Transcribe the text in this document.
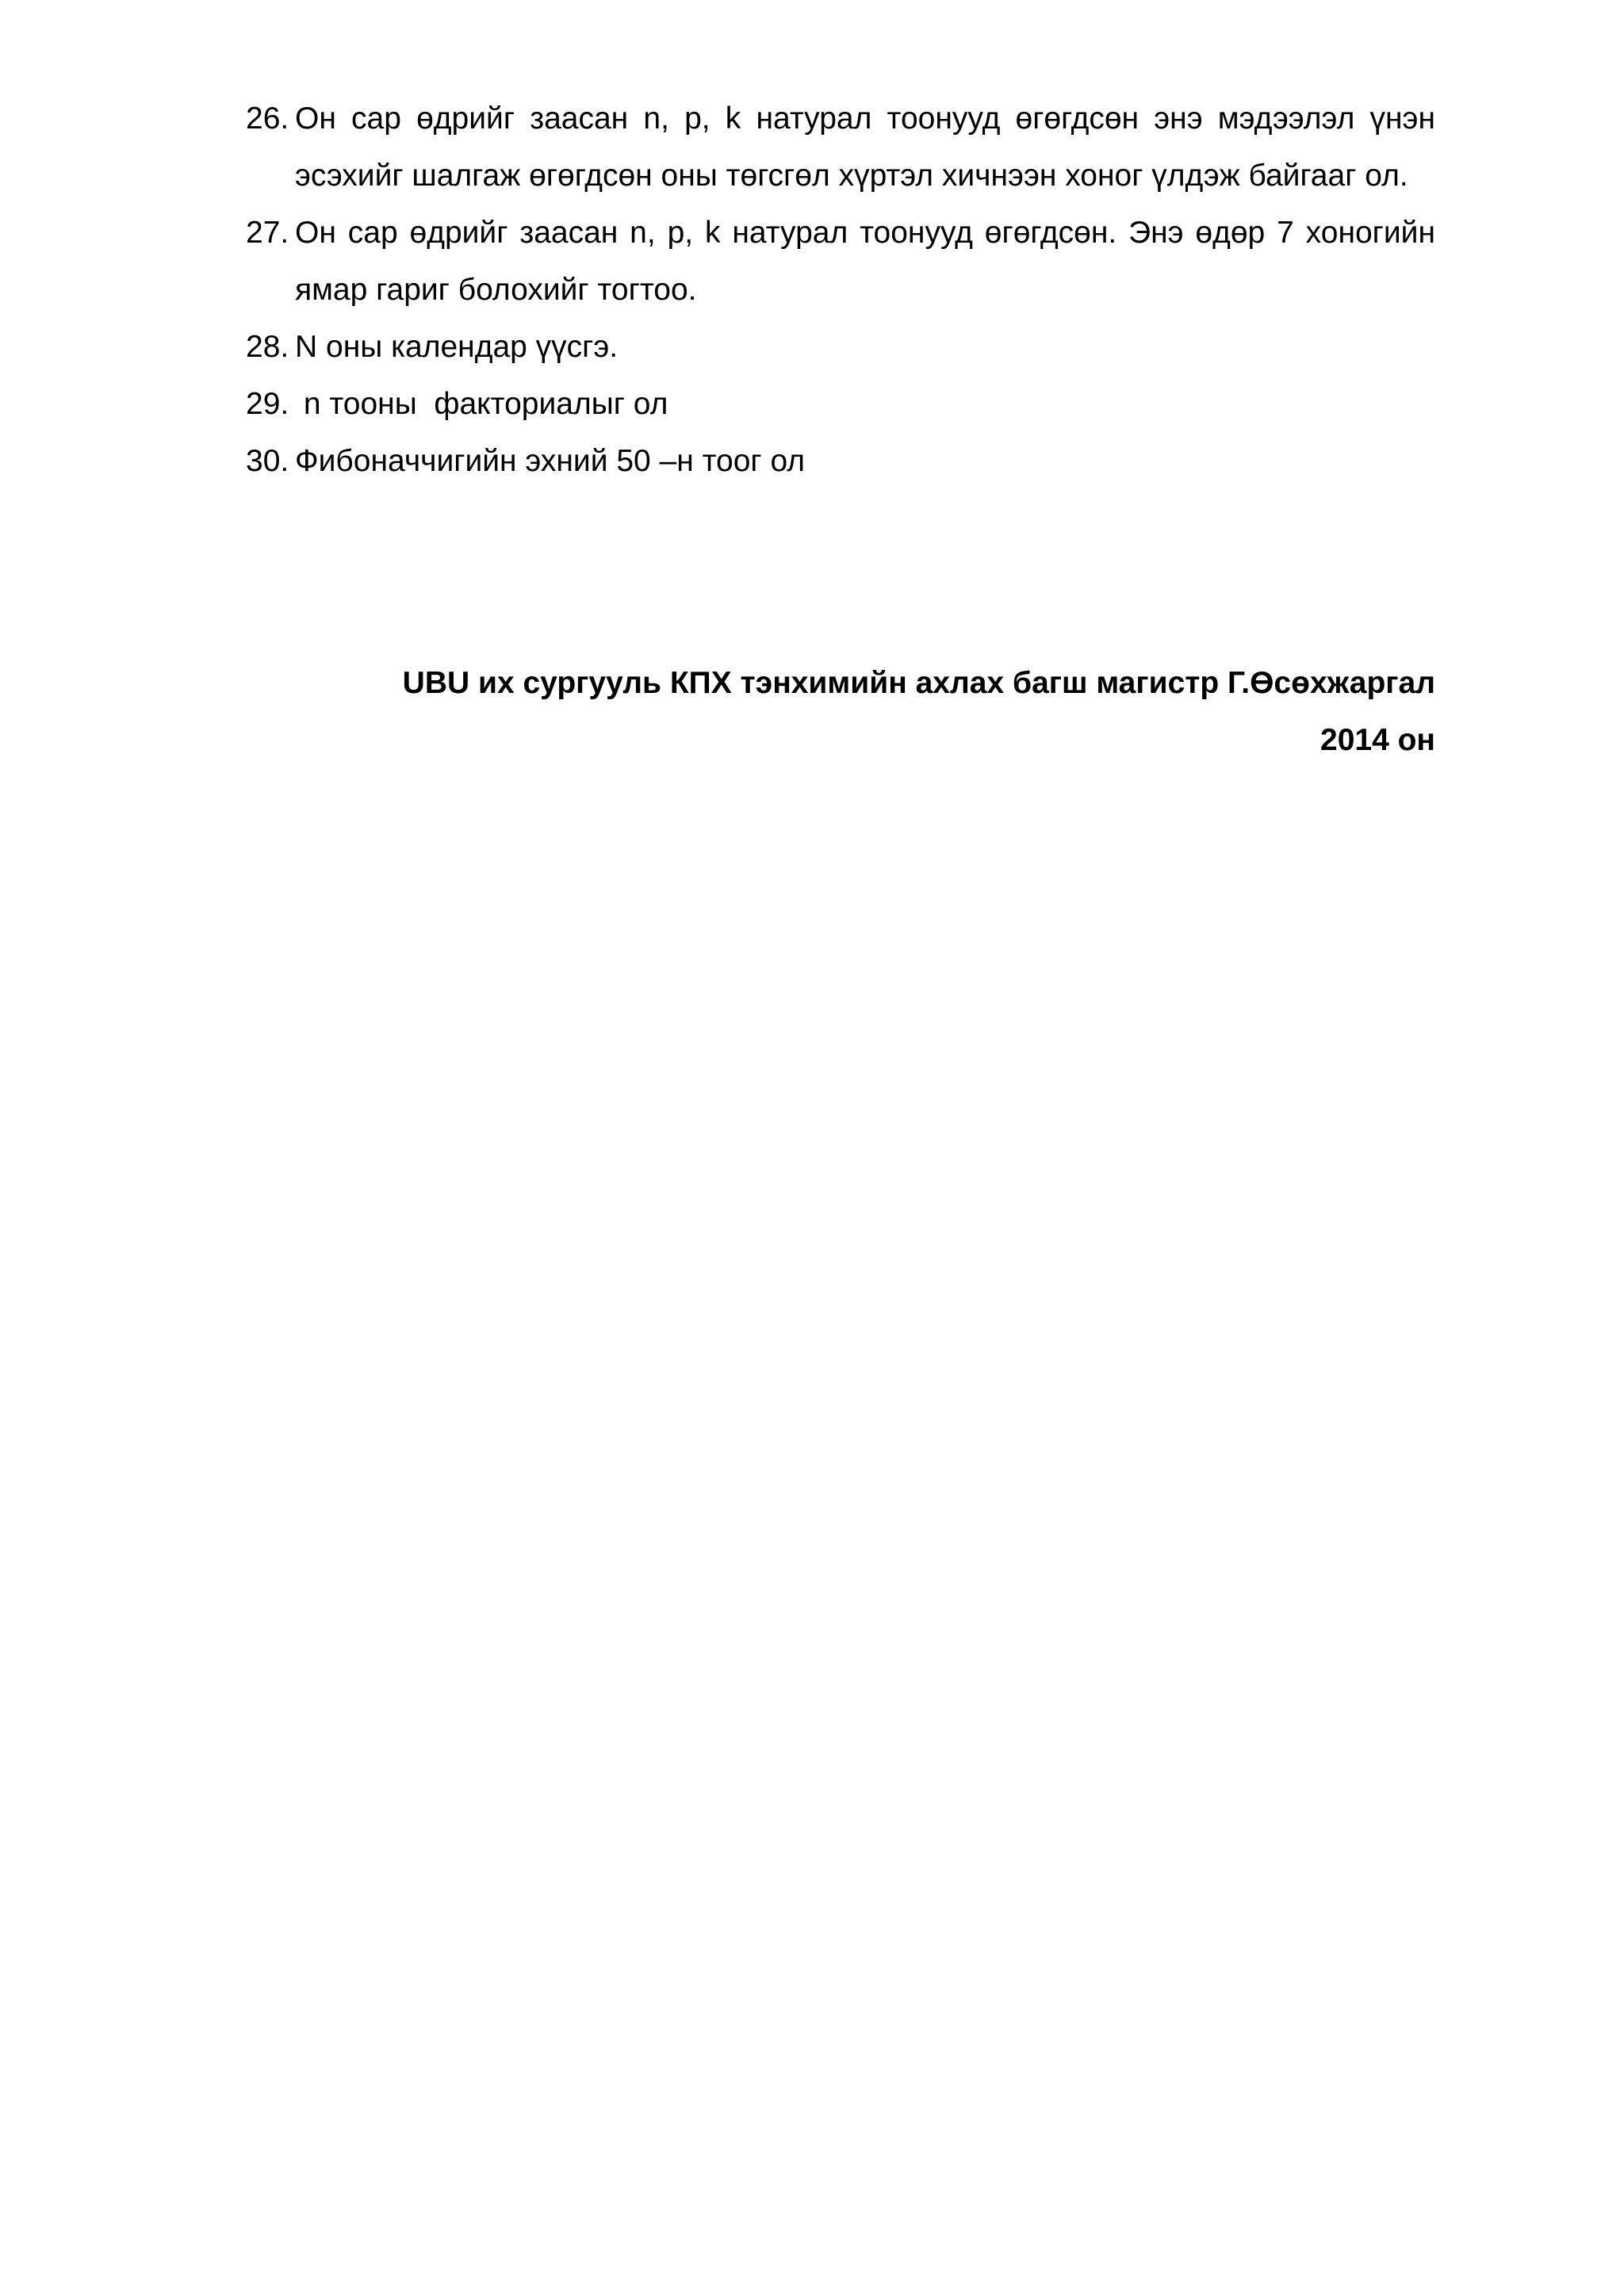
26. Он сар өдрийг заасан n, p, k натурал тоонууд өгөгдсөн энэ мэдээлэл үнэн эсэхийг шалгаж өгөгдсөн оны төгсгөл хүртэл хичнээн хоног үлдэж байгааг ол.
27. Он сар өдрийг заасан n, p, k натурал тоонууд өгөгдсөн. Энэ өдөр 7 хоногийн ямар гариг болохийг тогтоо.
28. N оны календар үүсгэ.
29. n тооны  факториалыг ол
30. Фибоначчигийн эхний 50 –н тоог ол
UBU их сургууль КПХ тэнхимийн ахлах багш магистр Г.Өсөхжаргал
2014 он
